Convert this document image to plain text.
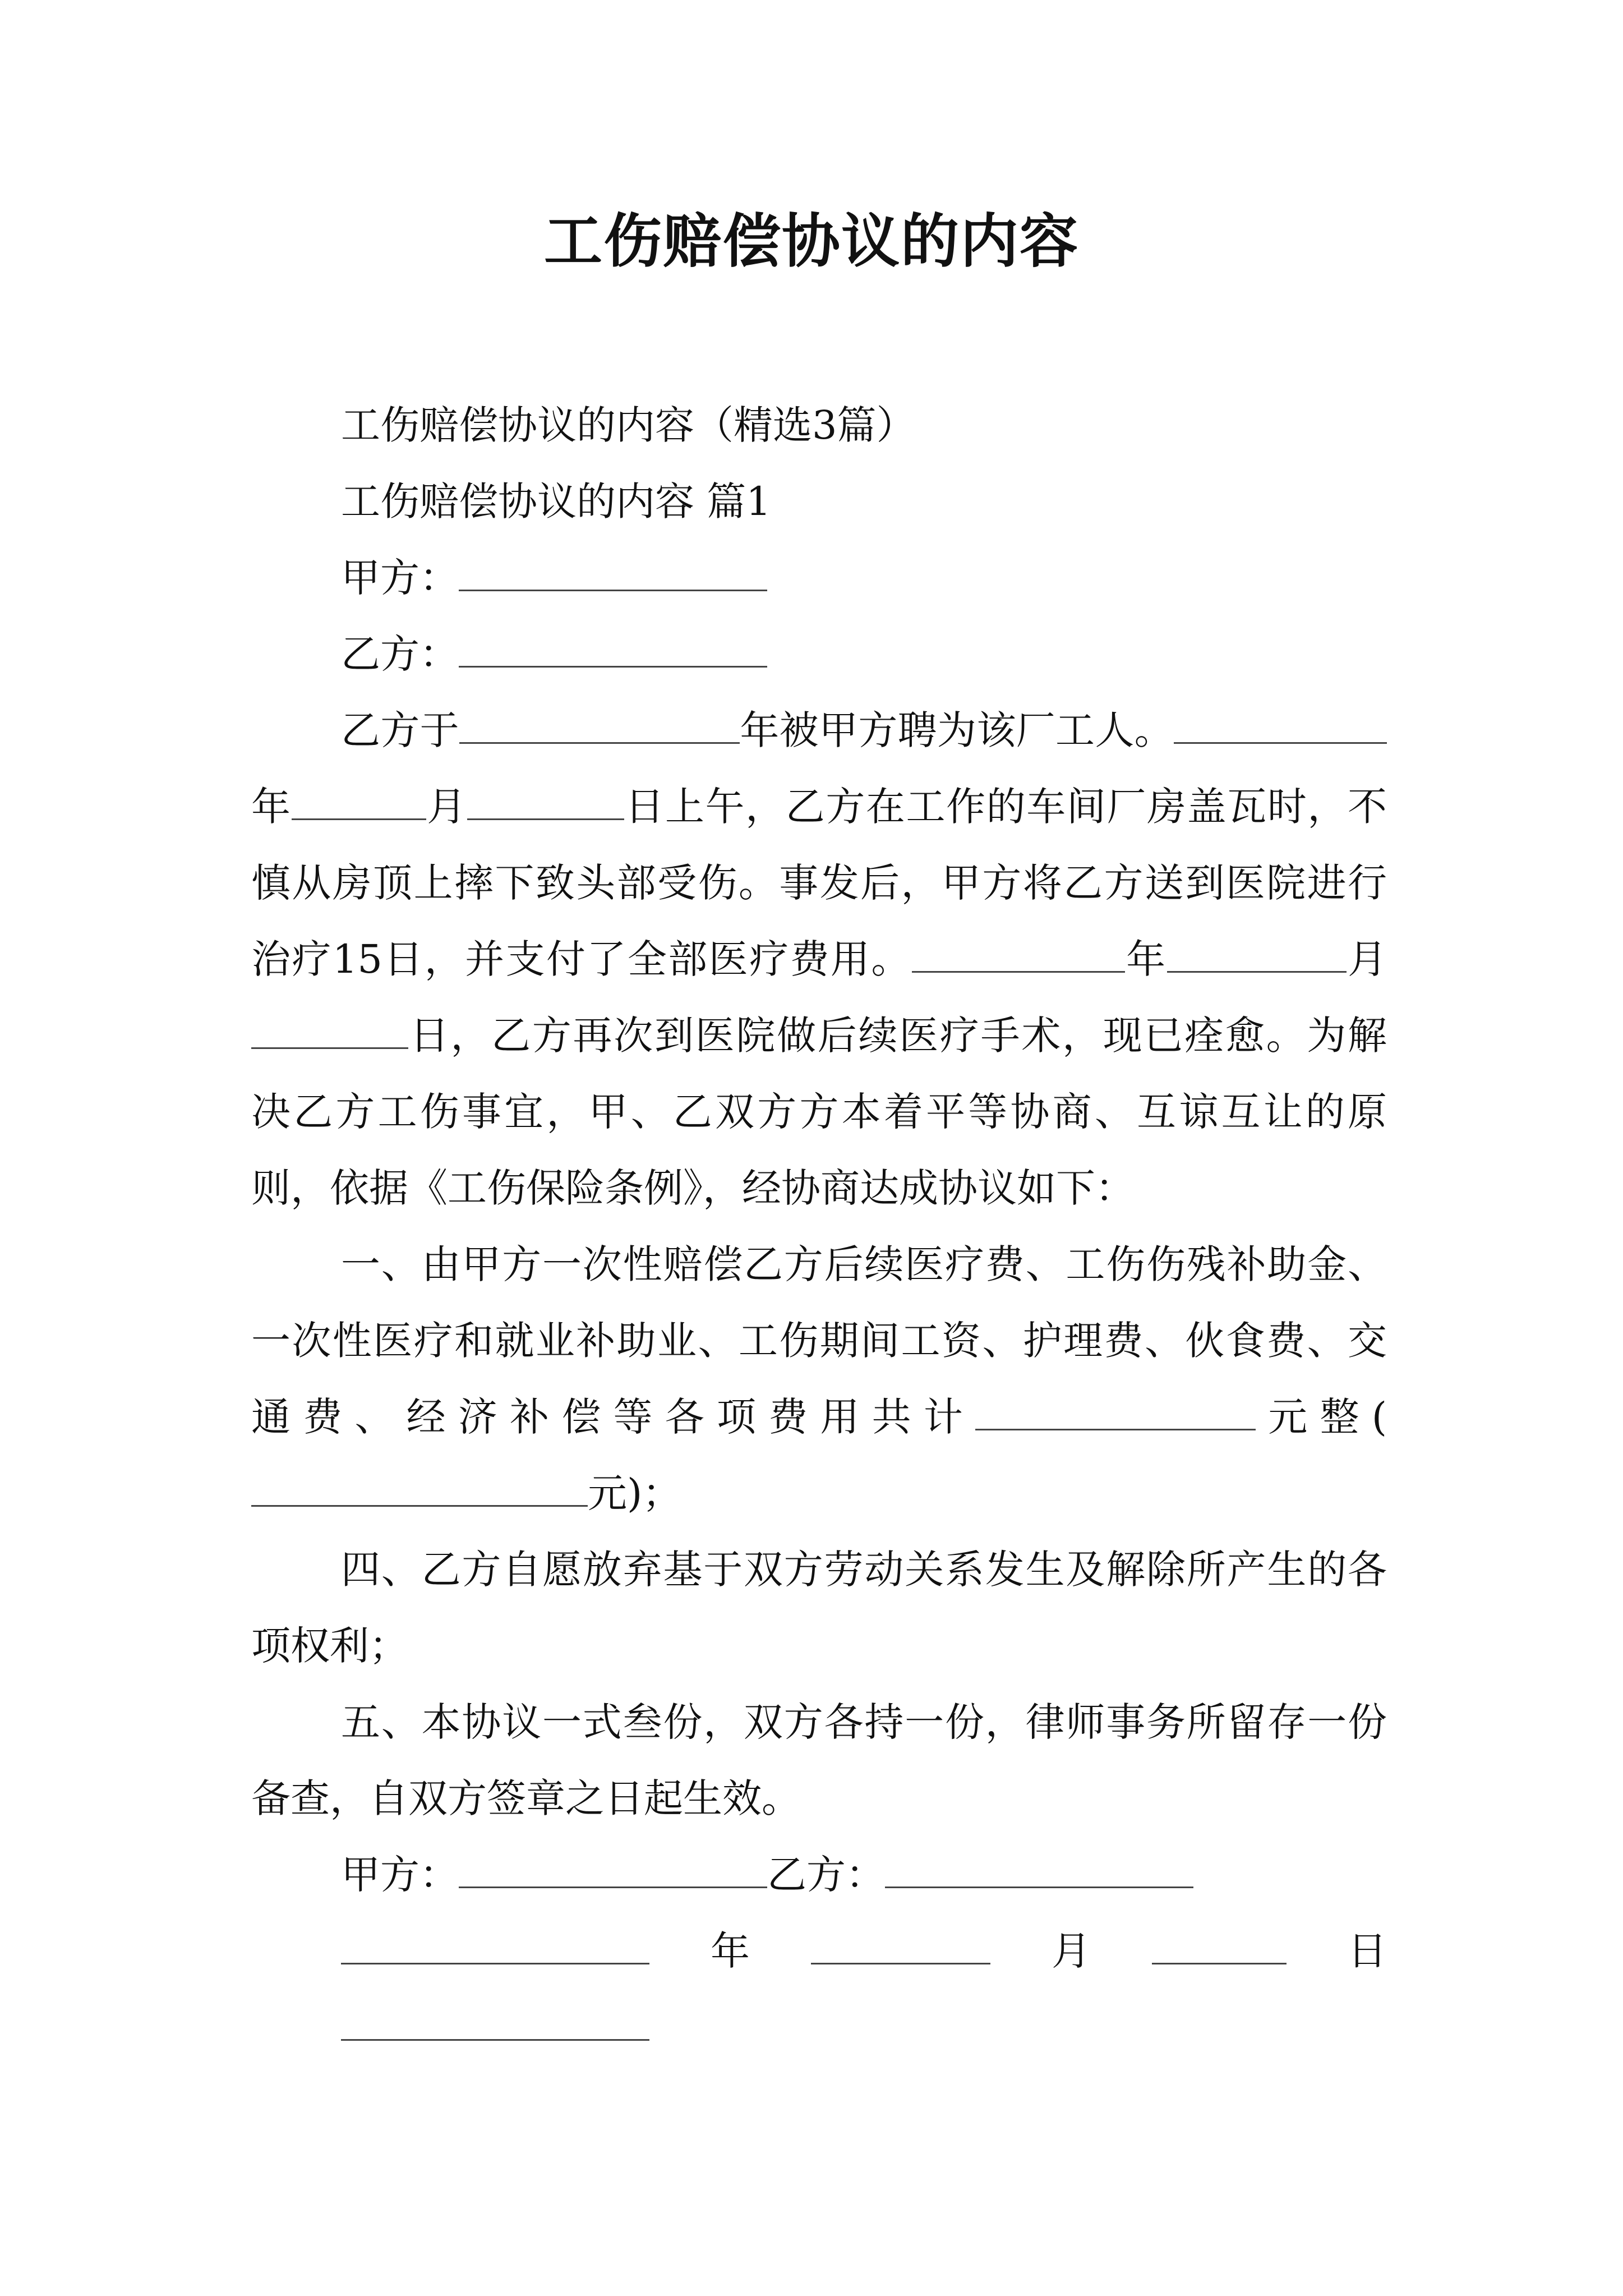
工伤赔偿协议的内容

工伤赔偿协议的内容（精选3篇）

工伤赔偿协议的内容 篇1

甲方：

乙方：

乙方于	年被甲方聘为该厂工人。年	月	日上午，乙方在工作的车间厂房盖瓦时，不慎从房顶上摔下致头部受伤。事发后，甲方将乙方送到医院进行治疗15日，并支付了全部医疗费用。	年	月日，乙方再次到医院做后续医疗手术，现已痊愈。为解决乙方工伤事宜，甲、乙双方方本着平等协商、互谅互让的原则，依据《工伤保险条例》，经协商达成协议如下：

一、由甲方一次性赔偿乙方后续医疗费、工伤伤残补助金、一次性医疗和就业补助业、工伤期间工资、护理费、伙食费、交通费、经济补偿等各项费用共计	元整(元)；

四、乙方自愿放弃基于双方劳动关系发生及解除所产生的各项权利；

五、本协议一式叁份，双方各持一份，律师事务所留存一份备查，自双方签章之日起生效。

甲方：	乙方：

年	月	日
